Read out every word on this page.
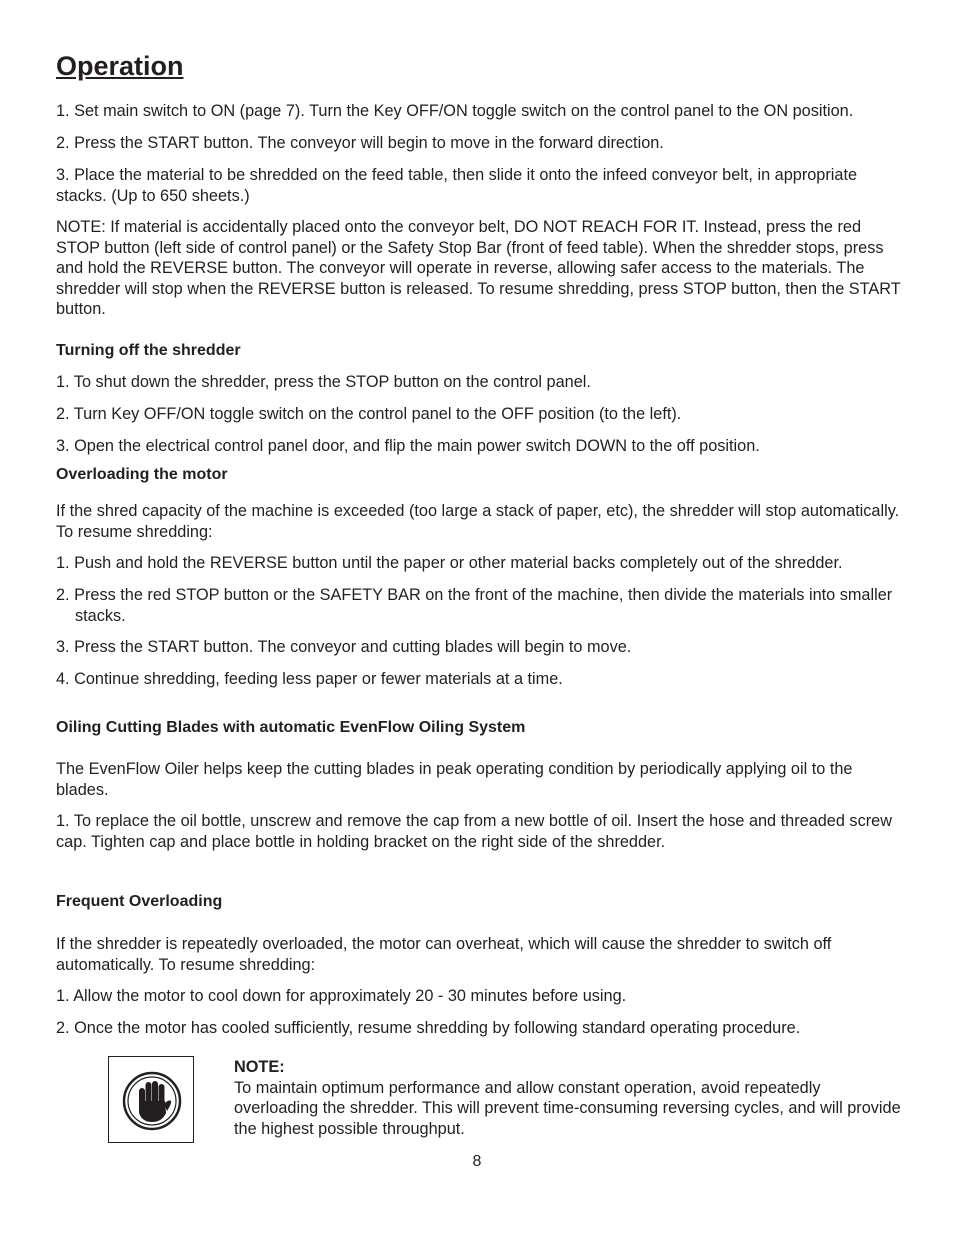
Operation

1. Set main switch to ON (page 7). Turn the Key OFF/ON toggle switch on the control panel to the ON position.

2. Press the START button. The conveyor will begin to move in the forward direction.

3. Place the material to be shredded on the feed table, then slide it onto the infeed conveyor belt, in appropriate stacks. (Up to 650 sheets.)

NOTE: If material is accidentally placed onto the conveyor belt, DO NOT REACH FOR IT. Instead, press the red STOP button (left side of control panel) or the Safety Stop Bar (front of feed table). When the shredder stops, press and hold the REVERSE button. The conveyor will operate in reverse, allowing safer access to the materials. The shredder will stop when the REVERSE button is released. To resume shredding, press STOP button, then the START button.

Turning off the shredder

1. To shut down the shredder, press the STOP button on the control panel.

2. Turn Key OFF/ON toggle switch on the control panel to the OFF position (to the left).

3. Open the electrical control panel door, and flip the main power switch DOWN to the off position.

Overloading the motor

If the shred capacity of the machine is exceeded (too large a stack of paper, etc), the shredder will stop automatically. To resume shredding:

1. Push and hold the REVERSE button until the paper or other material backs completely out of the shredder.

2. Press the red STOP button or the SAFETY BAR on the front of the machine, then divide the materials into smaller stacks.

3. Press the START button. The conveyor and cutting blades will begin to move.

4. Continue shredding, feeding less paper or fewer materials at a time.

Oiling Cutting Blades with automatic EvenFlow Oiling System

The EvenFlow Oiler helps keep the cutting blades in peak operating condition by periodically applying oil to the blades.

1. To replace the oil bottle, unscrew and remove the cap from a new bottle of oil. Insert the hose and threaded screw cap. Tighten cap and place bottle in holding bracket on the right side of the shredder.

Frequent Overloading

If the shredder is repeatedly overloaded, the motor can overheat, which will cause the shredder to switch off automatically. To resume shredding:

1. Allow the motor to cool down for approximately 20 - 30 minutes before using.

2. Once the motor has cooled sufficiently, resume shredding by following standard operating procedure.

NOTE:
To maintain optimum performance and allow constant operation, avoid repeatedly overloading the shredder. This will prevent time-consuming reversing cycles, and will provide the highest possible throughput.
8
